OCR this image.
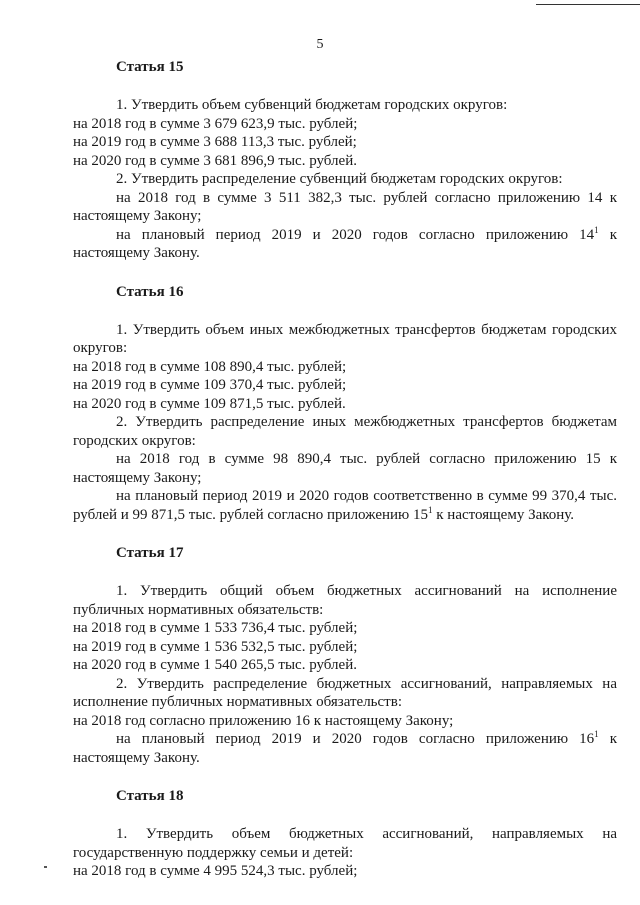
5
Статья 15
1. Утвердить объем субвенций бюджетам городских округов:
на 2018 год в сумме 3 679 623,9 тыс. рублей;
на 2019 год в сумме 3 688 113,3 тыс. рублей;
на 2020 год в сумме 3 681 896,9 тыс. рублей.
2. Утвердить распределение субвенций бюджетам городских округов:
на 2018 год в сумме 3 511 382,3 тыс. рублей согласно приложению 14 к настоящему Закону;
на плановый период 2019 и 2020 годов согласно приложению $14^1$ к настоящему Закону.
Статья 16
1. Утвердить объем иных межбюджетных трансфертов бюджетам городских округов:
на 2018 год в сумме 108 890,4 тыс. рублей;
на 2019 год в сумме 109 370,4 тыс. рублей;
на 2020 год в сумме 109 871,5 тыс. рублей.
2. Утвердить распределение иных межбюджетных трансфертов бюджетам городских округов:
на 2018 год в сумме 98 890,4 тыс. рублей согласно приложению 15 к настоящему Закону;
на плановый период 2019 и 2020 годов соответственно в сумме 99 370,4 тыс. рублей и 99 871,5 тыс. рублей согласно приложению $15^1$ к настоящему Закону.
Статья 17
1. Утвердить общий объем бюджетных ассигнований на исполнение публичных нормативных обязательств:
на 2018 год в сумме 1 533 736,4 тыс. рублей;
на 2019 год в сумме 1 536 532,5 тыс. рублей;
на 2020 год в сумме 1 540 265,5 тыс. рублей.
2. Утвердить распределение бюджетных ассигнований, направляемых на исполнение публичных нормативных обязательств:
на 2018 год согласно приложению 16 к настоящему Закону;
на плановый период 2019 и 2020 годов согласно приложению $16^1$ к настоящему Закону.
Статья 18
1. Утвердить объем бюджетных ассигнований, направляемых на государственную поддержку семьи и детей:
на 2018 год в сумме 4 995 524,3 тыс. рублей;
